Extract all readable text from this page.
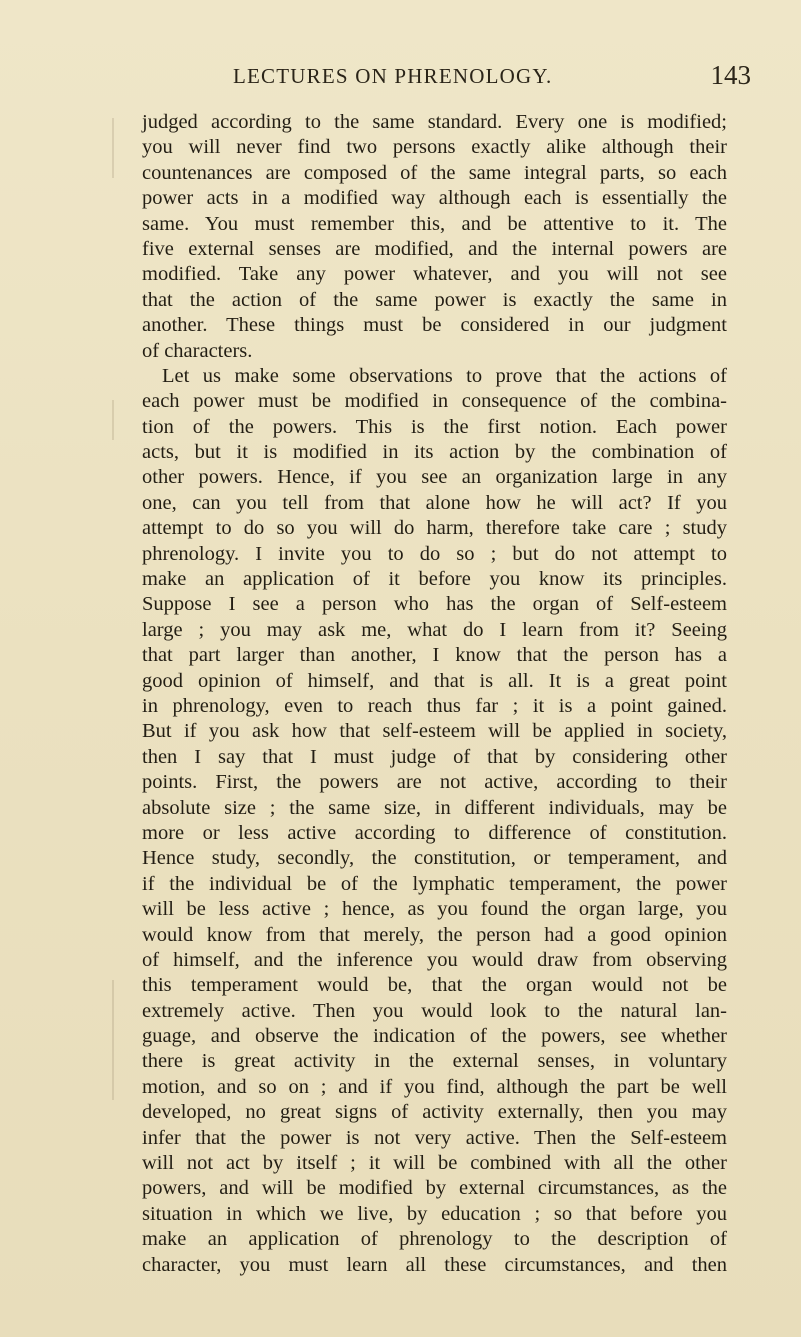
LECTURES ON PHRENOLOGY.	143
judged according to the same standard. Every one is modified;
you will never find two persons exactly alike although their
countenances are composed of the same integral parts, so each
power acts in a modified way although each is essentially the
same. You must remember this, and be attentive to it. The
five external senses are modified, and the internal powers are
modified. Take any power whatever, and you will not see
that the action of the same power is exactly the same in
another. These things must be considered in our judgment
of characters.
Let us make some observations to prove that the actions of
each power must be modified in consequence of the combina-
tion of the powers. This is the first notion. Each power
acts, but it is modified in its action by the combination of
other powers. Hence, if you see an organization large in any
one, can you tell from that alone how he will act? If you
attempt to do so you will do harm, therefore take care ; study
phrenology. I invite you to do so ; but do not attempt to
make an application of it before you know its principles.
Suppose I see a person who has the organ of Self-esteem
large ; you may ask me, what do I learn from it? Seeing
that part larger than another, I know that the person has a
good opinion of himself, and that is all. It is a great point
in phrenology, even to reach thus far ; it is a point gained.
But if you ask how that self-esteem will be applied in society,
then I say that I must judge of that by considering other
points. First, the powers are not active, according to their
absolute size ; the same size, in different individuals, may be
more or less active according to difference of constitution.
Hence study, secondly, the constitution, or temperament, and
if the individual be of the lymphatic temperament, the power
will be less active ; hence, as you found the organ large, you
would know from that merely, the person had a good opinion
of himself, and the inference you would draw from observing
this temperament would be, that the organ would not be
extremely active. Then you would look to the natural lan-
guage, and observe the indication of the powers, see whether
there is great activity in the external senses, in voluntary
motion, and so on ; and if you find, although the part be well
developed, no great signs of activity externally, then you may
infer that the power is not very active. Then the Self-esteem
will not act by itself ; it will be combined with all the other
powers, and will be modified by external circumstances, as the
situation in which we live, by education ; so that before you
make an application of phrenology to the description of
character, you must learn all these circumstances, and then
